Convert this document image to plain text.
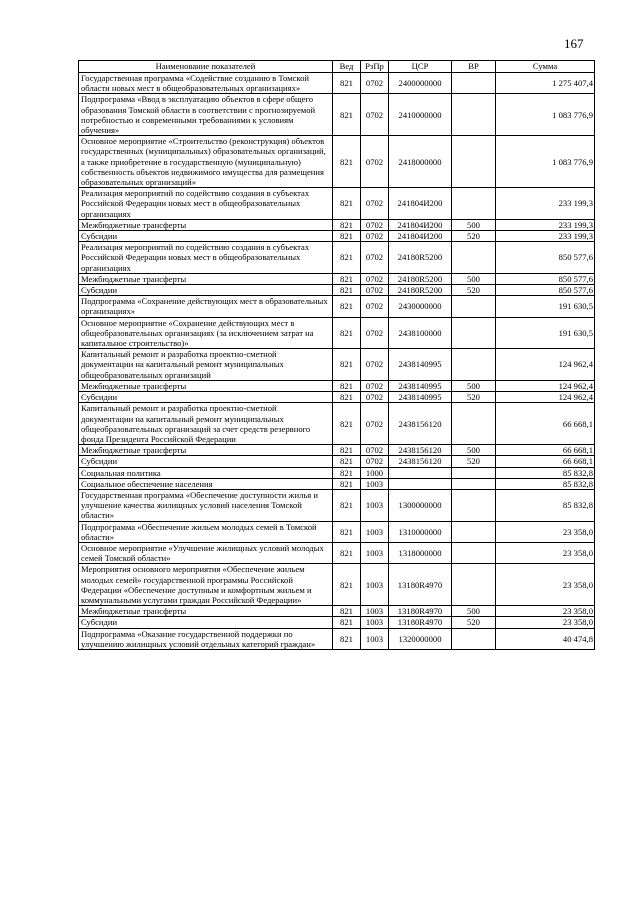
167
Наименование показателей	Вед	РзПр	ЦСР	ВР	Сумма
Государственная программа «Содействие созданию в Томской области новых мест в общеобразовательных организациях»	821	0702	2400000000		1 275 407,4
Подпрограмма «Ввод в эксплуатацию объектов в сфере общего образования Томской области в соответствии с прогнозируемой потребностью и современными требованиями к условиям обучения»	821	0702	2410000000		1 083 776,9
Основное мероприятие «Строительство (реконструкция) объектов государственных (муниципальных) образовательных организаций, а также приобретение в государственную (муниципальную) собственность объектов недвижимого имущества для размещения образовательных организаций»	821	0702	2418000000		1 083 776,9
Реализация мероприятий по содействию создания в субъектах Российской Федерации новых мест в общеобразовательных организациях	821	0702	241804И200		233 199,3
Межбюджетные трансферты	821	0702	241804И200	500	233 199,3
Субсидии	821	0702	241804И200	520	233 199,3
Реализация мероприятий по содействию создания в субъектах Российской Федерации новых мест в общеобразовательных организациях	821	0702	24180R5200		850 577,6
Межбюджетные трансферты	821	0702	24180R5200	500	850 577,6
Субсидии	821	0702	24180R5200	520	850 577,6
Подпрограмма «Сохранение действующих мест в образовательных организациях»	821	0702	2430000000		191 630,5
Основное мероприятие «Сохранение действующих мест в общеобразовательных организациях (за исключением затрат на капитальное строительство)»	821	0702	2438100000		191 630,5
Капитальный ремонт и разработка проектно-сметной документации на капитальный ремонт муниципальных общеобразовательных организаций	821	0702	2438140995		124 962,4
Межбюджетные трансферты	821	0702	2438140995	500	124 962,4
Субсидии	821	0702	2438140995	520	124 962,4
Капитальный ремонт и разработка проектно-сметной документации на капитальный ремонт муниципальных общеобразовательных организаций за счет средств резервного фонда Президента Российской Федерации	821	0702	2438156120		66 668,1
Межбюджетные трансферты	821	0702	2438156120	500	66 668,1
Субсидии	821	0702	2438156120	520	66 668,1
Социальная политика	821	1000			85 832,8
Социальное обеспечение населения	821	1003			85 832,8
Государственная программа «Обеспечение доступности жилья и улучшение качества жилищных условий населения Томской области»	821	1003	1300000000		85 832,8
Подпрограмма «Обеспечение жильем молодых семей в Томской области»	821	1003	1310000000		23 358,0
Основное мероприятие «Улучшение жилищных условий молодых семей Томской области»	821	1003	1318000000		23 358,0
Мероприятия основного мероприятия «Обеспечение жильем молодых семей» государственной программы Российской Федерации «Обеспечение доступным и комфортным жильем и коммунальными услугами граждан Российской Федерации»	821	1003	13180R4970		23 358,0
Межбюджетные трансферты	821	1003	13180R4970	500	23 358,0
Субсидии	821	1003	13180R4970	520	23 358,0
Подпрограмма «Оказание государственной поддержки по улучшению жилищных условий отдельных категорий граждан»	821	1003	1320000000		40 474,8
